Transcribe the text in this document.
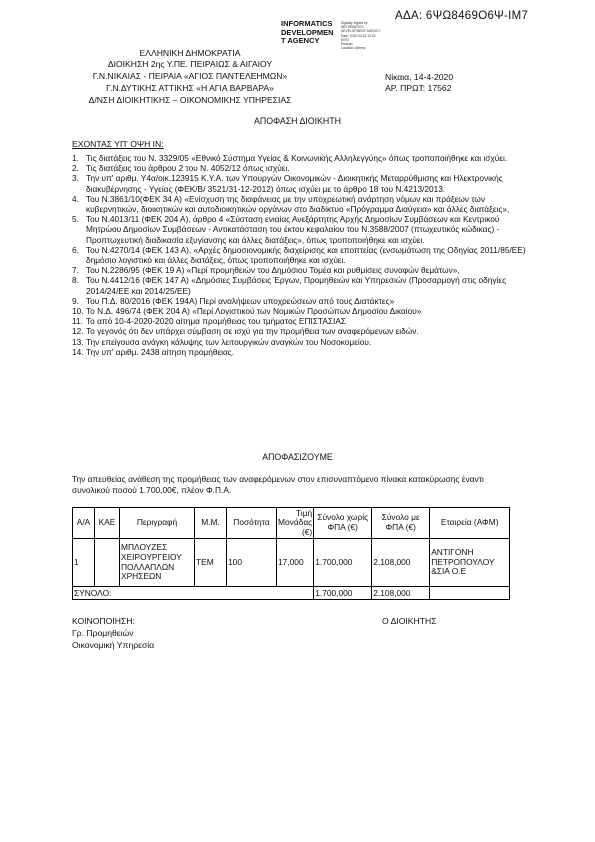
ΑΔΑ: 6ΨΩ8469Ο6Ψ-ΙΜ7
INFORMATICS
DEVELOPMEN
T AGENCY
Digitally signed by
INFORMATICS
DEVELOPMENT AGENCY
Date: 2020.04.15 12:22
EEST
Reason:
Location: Athens
ΕΛΛΗΝΙΚΗ ΔΗΜΟΚΡΑΤΙΑ
ΔΙΟΙΚΗΣΗ 2ης Υ.ΠΕ. ΠΕΙΡΑΙΩΣ & ΑΙΓΑΙΟΥ
Γ.Ν.ΝΙΚΑΙΑΣ - ΠΕΙΡΑΙΑ «ΑΓΙΟΣ ΠΑΝΤΕΛΕΗΜΩΝ»
Γ.Ν.ΔΥΤΙΚΗΣ ΑΤΤΙΚΗΣ «Η ΑΓΙΑ ΒΑΡΒΑΡΑ»
Δ/ΝΣΗ ΔΙΟΙΚΗΤΙΚΗΣ – ΟΙΚΟΝΟΜΙΚΗΣ ΥΠΗΡΕΣΙΑΣ
Νίκαια, 14-4-2020
ΑΡ. ΠΡΩΤ: 17562
ΑΠΟΦΑΣΗ ΔΙΟΙΚΗΤΗ
ΕΧΟΝΤΑΣ ΥΠ' ΟΨΗ ΙΝ:
1. Τις διατάξεις του Ν. 3329/05 «Εθνικό Σύστημα Υγείας & Κοινωνικής Αλληλεγγύης» όπως τροποποιήθηκε και ισχύει.
2. Τις διατάξεις του άρθρου 2 του Ν. 4052/12 όπως ισχύει.
3. Την υπ' αριθμ. Υ4α/οικ.123915 Κ.Υ.Α. των Υπουργών Οικονομικών - Διοικητικής Μεταρρύθμισης και Ηλεκτρονικής διακυβέρνησης - Υγείας (ΦΕΚ/Β/ 3521/31-12-2012) όπως ισχύει με το άρθρο 18 του Ν.4213/2013.
4. Του Ν.3861/10(ΦΕΚ 34 Α) «Ενίσχυση της διαφάνειας με την υποχρεωτική ανάρτηση νόμων και πράξεων των κυβερνητικών, διοικητικών και αυτοδιοικητικών οργάνων στο διαδίκτυο «Πρόγραμμα Διαύγεια» και άλλες διατάξεις»,
5. Του Ν.4013/11 (ΦΕΚ 204 Α), άρθρο 4 «Σύσταση ενιαίας Ανεξάρτητης Αρχής Δημοσίων Συμβάσεων και Κεντρικού Μητρώου Δημοσίων Συμβάσεων - Αντικατάσταση του έκτου κεφαλαίου του Ν.3588/2007 (πτωχευτικός κώδικας) - Προπτωχευτική διαδικασία εξυγίανσης και άλλες διατάξεις», όπως τροποποιήθηκε και ισχύει.
6. Του Ν.4270/14 (ΦΕΚ 143 Α), «Αρχές δημοσιονομικής διαχείρισης και εποπτείας (ενσωμάτωση της Οδηγίας 2011/85/ΕΕ) δημόσιο λογιστικό και άλλες διατάξεις, όπως τροποποιήθηκε και ισχύει.
7. Του Ν.2286/95 (ΦΕΚ 19 Α) «Περί προμηθειών του Δημόσιου Τομέα και ρυθμίσεις συναφών θεμάτων»,
8. Του Ν.4412/16 (ΦΕΚ 147 Α) «Δημόσιες Συμβάσεις Έργων, Προμηθειών και Υπηρεσιών (Προσαρμογή στις οδηγίες 2014/24/ΕΕ και 2014/25/ΕΕ)
9. Του Π.Δ. 80/2016 (ΦΕΚ 194Α) Περί αναλήψεων υποχρεώσεων από τους Διατάκτες»
10. Το Ν.Δ. 496/74 (ΦΕΚ 204 Α) «Περί Λογιστικού των Νομικών Προσώπων Δημοσίου Δικαίου»
11. Το από 10-4-2020-2020 αίτημα προμήθειας του τμήματος ΕΠΙΣΤΑΣΙΑΣ
12. Το γεγονός ότι δεν υπάρχει σύμβαση σε ισχύ για την προμήθεια των αναφερόμενων ειδών.
13. Την επείγουσα ανάγκη κάλυψης των λειτουργικών αναγκών του Νοσοκομείου.
14. Την υπ' αριθμ. 2438 αίτηση προμήθειας.
ΑΠΟΦΑΣΙΖΟΥΜΕ
Την απευθείας ανάθεση της προμήθειας των αναφερόμενων στον επισυναπτόμενο πίνακα κατακύρωσης έναντι συνολικού ποσού 1.700,00€, πλέον Φ.Π.Α.
Α/Α	ΚΑΕ	Περιγραφή	Μ.Μ.	Ποσότητα	Τιμή Μονάδας (€)	Σύνολο χωρίς ΦΠΑ (€)	Σύνολο με ΦΠΑ (€)	Εταιρεία (ΑΦΜ)
1		ΜΠΛΟΥΖΕΣ ΧΕΙΡΟΥΡΓΕΙΟΥ ΠΟΛΛΑΠΛΩΝ ΧΡΗΣΕΩΝ	ΤΕΜ	100	17,000	1.700,000	2.108,000	ΑΝΤΙΓΟΝΗ ΠΕΤΡΟΠΟΥΛΟΥ &ΣΙΑ Ο.Ε
ΣΥΝΟΛΟ:						1.700,000	2.108,000	
ΚΟΙΝΟΠΟΙΗΣΗ:
Γρ. Προμηθειών
Οικονομική Υπηρεσία
Ο ΔΙΟΙΚΗΤΗΣ
